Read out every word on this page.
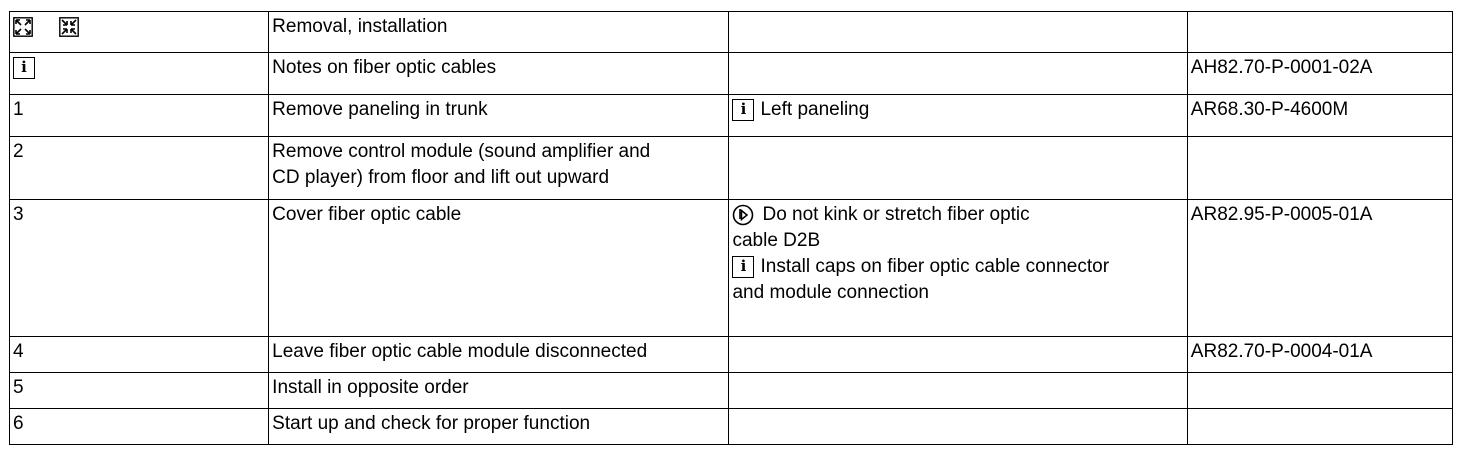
	Removal, installation		
i	Notes on fiber optic cables		AH82.70-P-0001-02A
1	Remove paneling in trunk	i Left paneling	AR68.30-P-4600M
2	Remove control module (sound amplifier and
CD player) from floor and lift out upward		

3	Cover fiber optic cable	Do not kink or stretch fiber optic
cable D2B
i Install caps on fiber optic cable connector
and module connection	AR82.95-P-0005-01A
4	Leave fiber optic cable module disconnected		AR82.70-P-0004-01A
5	Install in opposite order		
6	Start up and check for proper function		
